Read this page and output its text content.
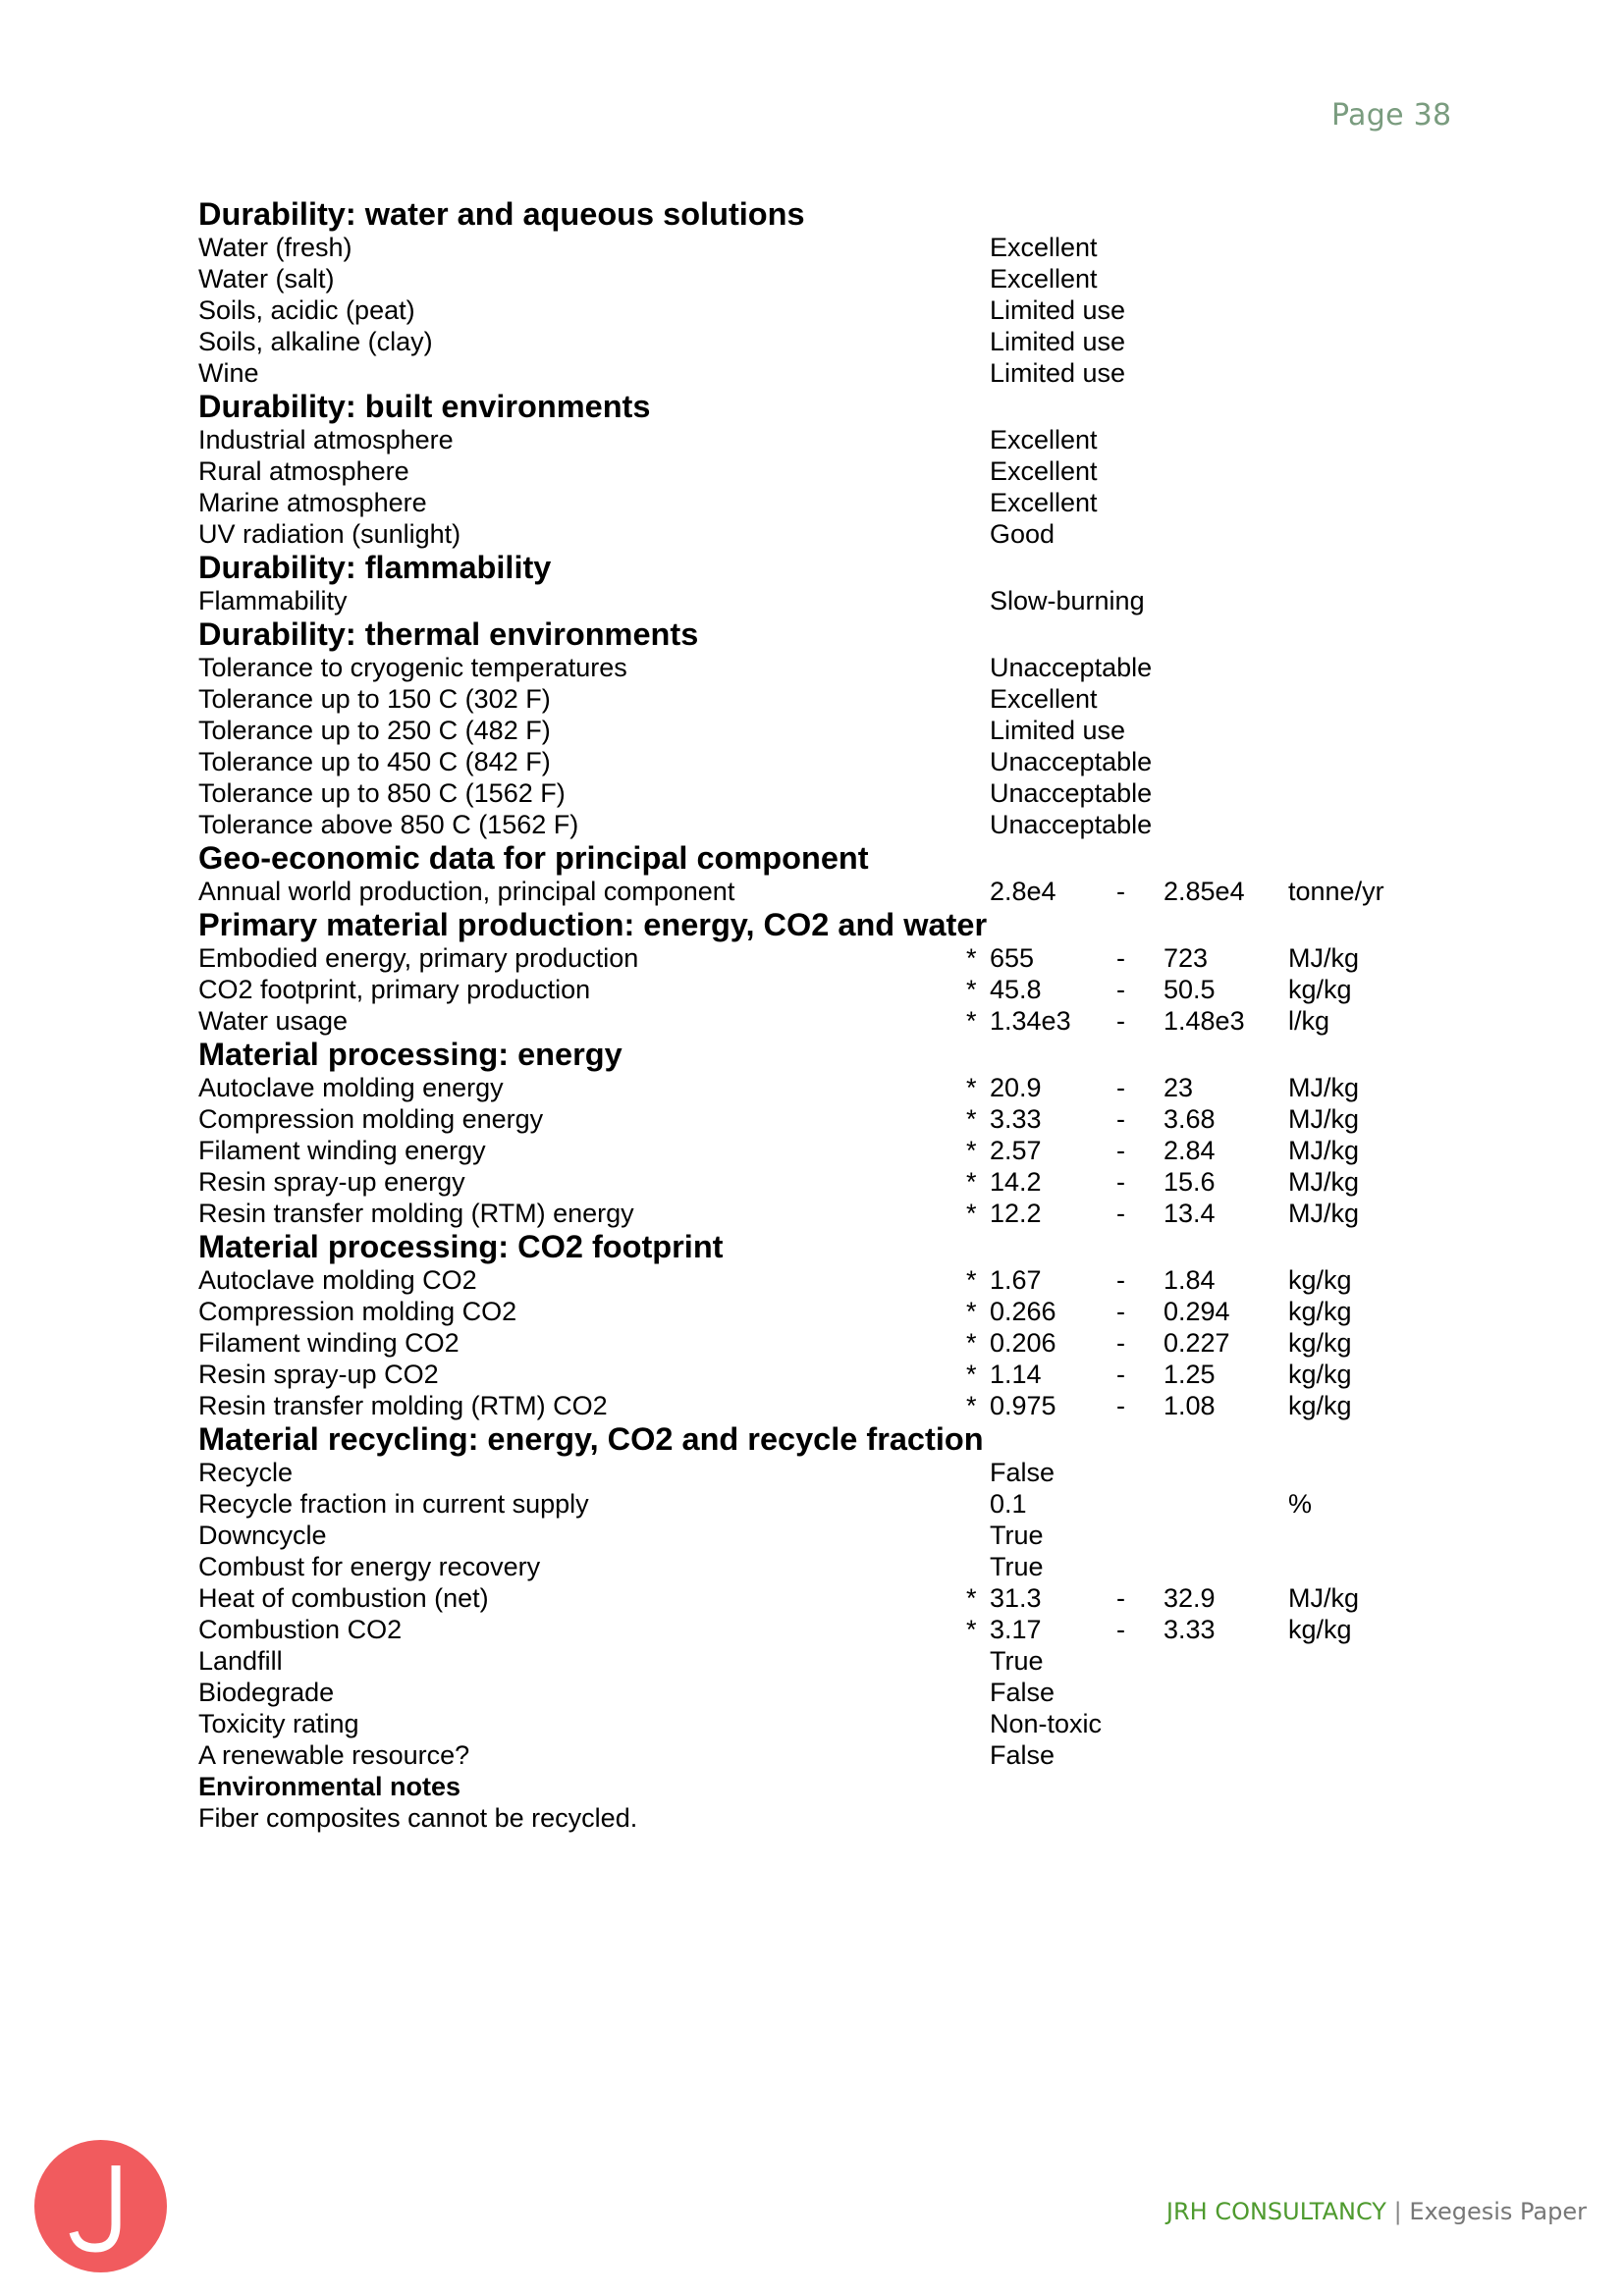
Page 38
Durability: water and aqueous solutions
Water (fresh)	Excellent
Water (salt)	Excellent
Soils, acidic (peat)	Limited use
Soils, alkaline (clay)	Limited use
Wine	Limited use
Durability: built environments
Industrial atmosphere	Excellent
Rural atmosphere	Excellent
Marine atmosphere	Excellent
UV radiation (sunlight)	Good
Durability: flammability
Flammability	Slow-burning
Durability: thermal environments
Tolerance to cryogenic temperatures	Unacceptable
Tolerance up to 150 C (302 F)	Excellent
Tolerance up to 250 C (482 F)	Limited use
Tolerance up to 450 C (842 F)	Unacceptable
Tolerance up to 850 C (1562 F)	Unacceptable
Tolerance above 850 C (1562 F)	Unacceptable
Geo-economic data for principal component
Annual world production, principal component	2.8e4 - 2.85e4 tonne/yr
Primary material production: energy, CO2 and water
Embodied energy, primary production	* 655	- 723	MJ/kg
CO2 footprint, primary production	* 45.8	- 50.5	kg/kg
Water usage	* 1.34e3 - 1.48e3 l/kg
Material processing: energy
Autoclave molding energy	* 20.9	- 23	MJ/kg
Compression molding energy	* 3.33	- 3.68	MJ/kg
Filament winding energy	* 2.57	- 2.84	MJ/kg
Resin spray-up energy	* 14.2	- 15.6	MJ/kg
Resin transfer molding (RTM) energy	* 12.2	- 13.4	MJ/kg
Material processing: CO2 footprint
Autoclave molding CO2	* 1.67	- 1.84	kg/kg
Compression molding CO2	* 0.266 - 0.294 kg/kg
Filament winding CO2	* 0.206 - 0.227 kg/kg
Resin spray-up CO2	* 1.14	- 1.25	kg/kg
Resin transfer molding (RTM) CO2	* 0.975 - 1.08	kg/kg
Material recycling: energy, CO2 and recycle fraction
Recycle	False
Recycle fraction in current supply	0.1	%
Downcycle	True
Combust for energy recovery	True
Heat of combustion (net)	* 31.3	- 32.9	MJ/kg
Combustion CO2	* 3.17	- 3.33	kg/kg
Landfill	True
Biodegrade	False
Toxicity rating	Non-toxic
A renewable resource?	False
Environmental notes
Fiber composites cannot be recycled.
JRH CONSULTANCY | Exegesis Paper
